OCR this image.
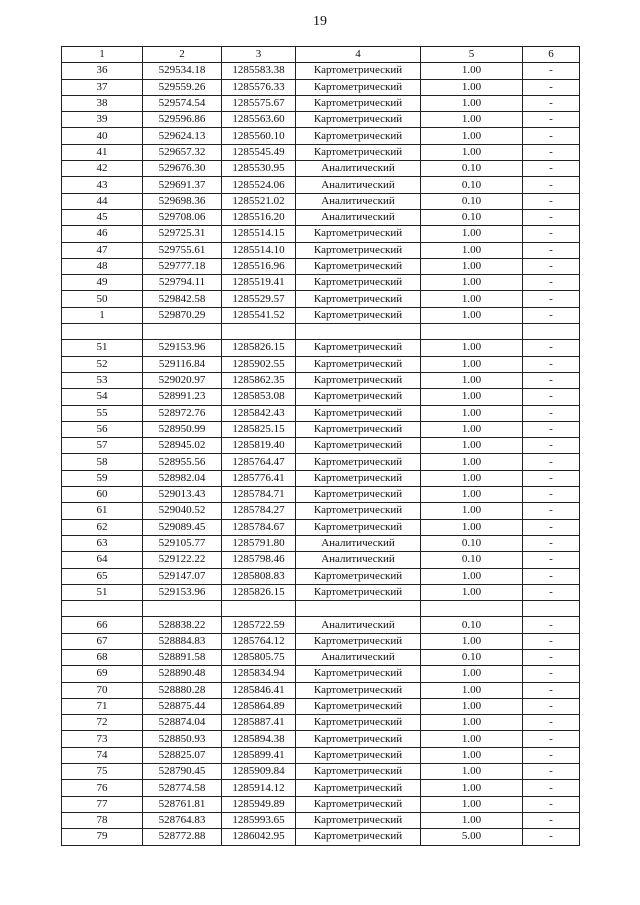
19
1	2	3	4	5	6
36	529534.18	1285583.38	Картометрический	1.00	-
37	529559.26	1285576.33	Картометрический	1.00	-
38	529574.54	1285575.67	Картометрический	1.00	-
39	529596.86	1285563.60	Картометрический	1.00	-
40	529624.13	1285560.10	Картометрический	1.00	-
41	529657.32	1285545.49	Картометрический	1.00	-
42	529676.30	1285530.95	Аналитический	0.10	-
43	529691.37	1285524.06	Аналитический	0.10	-
44	529698.36	1285521.02	Аналитический	0.10	-
45	529708.06	1285516.20	Аналитический	0.10	-
46	529725.31	1285514.15	Картометрический	1.00	-
47	529755.61	1285514.10	Картометрический	1.00	-
48	529777.18	1285516.96	Картометрический	1.00	-
49	529794.11	1285519.41	Картометрический	1.00	-
50	529842.58	1285529.57	Картометрический	1.00	-
1	529870.29	1285541.52	Картометрический	1.00	-

51	529153.96	1285826.15	Картометрический	1.00	-
52	529116.84	1285902.55	Картометрический	1.00	-
53	529020.97	1285862.35	Картометрический	1.00	-
54	528991.23	1285853.08	Картометрический	1.00	-
55	528972.76	1285842.43	Картометрический	1.00	-
56	528950.99	1285825.15	Картометрический	1.00	-
57	528945.02	1285819.40	Картометрический	1.00	-
58	528955.56	1285764.47	Картометрический	1.00	-
59	528982.04	1285776.41	Картометрический	1.00	-
60	529013.43	1285784.71	Картометрический	1.00	-
61	529040.52	1285784.27	Картометрический	1.00	-
62	529089.45	1285784.67	Картометрический	1.00	-
63	529105.77	1285791.80	Аналитический	0.10	-
64	529122.22	1285798.46	Аналитический	0.10	-
65	529147.07	1285808.83	Картометрический	1.00	-
51	529153.96	1285826.15	Картометрический	1.00	-

66	528838.22	1285722.59	Аналитический	0.10	-
67	528884.83	1285764.12	Картометрический	1.00	-
68	528891.58	1285805.75	Аналитический	0.10	-
69	528890.48	1285834.94	Картометрический	1.00	-
70	528880.28	1285846.41	Картометрический	1.00	-
71	528875.44	1285864.89	Картометрический	1.00	-
72	528874.04	1285887.41	Картометрический	1.00	-
73	528850.93	1285894.38	Картометрический	1.00	-
74	528825.07	1285899.41	Картометрический	1.00	-
75	528790.45	1285909.84	Картометрический	1.00	-
76	528774.58	1285914.12	Картометрический	1.00	-
77	528761.81	1285949.89	Картометрический	1.00	-
78	528764.83	1285993.65	Картометрический	1.00	-
79	528772.88	1286042.95	Картометрический	5.00	-
